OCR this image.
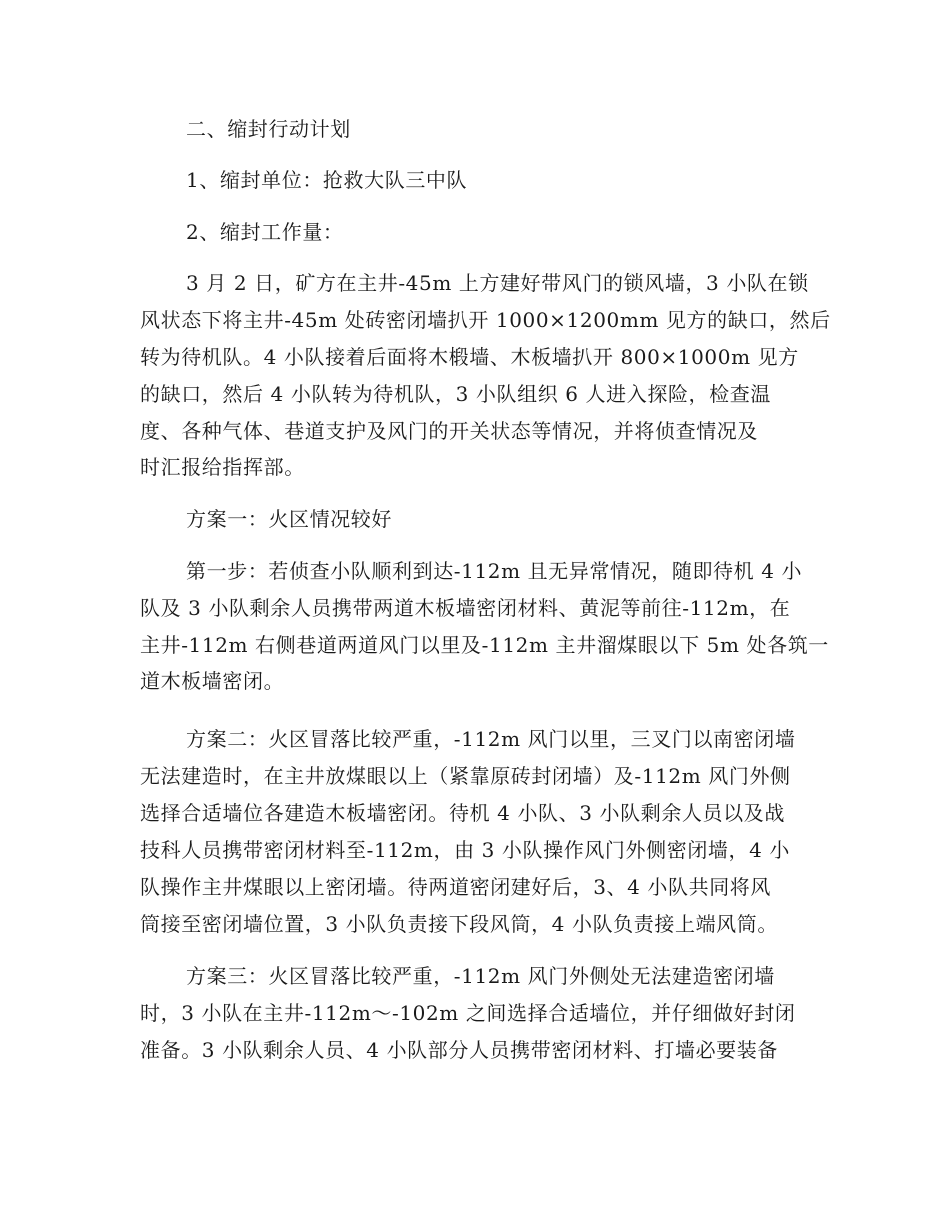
二、缩封行动计划
1、缩封单位：抢救大队三中队
2、缩封工作量：
3 月 2 日，矿方在主井-45m 上方建好带风门的锁风墙，3 小队在锁
风状态下将主井-45m 处砖密闭墙扒开 1000×1200mm 见方的缺口，然后
转为待机队。4 小队接着后面将木椴墙、木板墙扒开 800×1000m 见方
的缺口，然后 4 小队转为待机队，3 小队组织 6 人进入探险，检查温
度、各种气体、巷道支护及风门的开关状态等情况，并将侦查情况及
时汇报给指挥部。
方案一：火区情况较好
第一步：若侦查小队顺利到达-112m 且无异常情况，随即待机 4 小
队及 3 小队剩余人员携带两道木板墙密闭材料、黄泥等前往-112m，在
主井-112m 右侧巷道两道风门以里及-112m 主井溜煤眼以下 5m 处各筑一
道木板墙密闭。
方案二：火区冒落比较严重，-112m 风门以里，三叉门以南密闭墙
无法建造时，在主井放煤眼以上（紧靠原砖封闭墙）及-112m 风门外侧
选择合适墙位各建造木板墙密闭。待机 4 小队、3 小队剩余人员以及战
技科人员携带密闭材料至-112m，由 3 小队操作风门外侧密闭墙，4 小
队操作主井煤眼以上密闭墙。待两道密闭建好后，3、4 小队共同将风
筒接至密闭墙位置，3 小队负责接下段风筒，4 小队负责接上端风筒。
方案三：火区冒落比较严重，-112m 风门外侧处无法建造密闭墙
时，3 小队在主井-112m～-102m 之间选择合适墙位，并仔细做好封闭
准备。3 小队剩余人员、4 小队部分人员携带密闭材料、打墙必要装备
